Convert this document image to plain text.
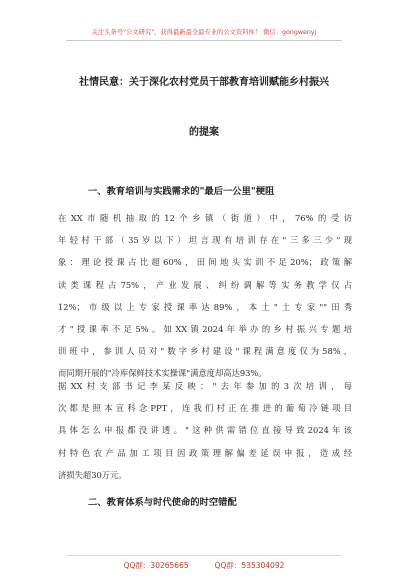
关注头条号"公文研究"，获得最新最全最专业的公文资料库！ 微信：gongwenyj
社情民意：关于深化农村党员干部教育培训赋能乡村振兴
的提案
一、教育培训与实践需求的"最后一公里"梗阻
在XX市随机抽取的12个乡镇（街道）中，76%的受访
年轻村干部（35岁以下）坦言现有培训存在"三多三少"现
象：理论授课占比超60%，田间地头实训不足20%；政策解
读类课程占75%，产业发展、纠纷调解等实务教学仅占
12%；市级以上专家授课率达89%，本土"土专家""田秀
才"授课率不足5%。如XX镇2024年举办的乡村振兴专题培
训班中，参训人员对"数字乡村建设"课程满意度仅为58%，
而同期开展的"冷库保鲜技术实操课"满意度却高达93%。
据XX村支部书记李某反映："去年参加的3次培训，每
次都是照本宣科念PPT，连我们村正在推进的葡萄冷链项目
具体怎么申报都没讲透。"这种供需错位直接导致2024年该
村特色农产品加工项目因政策理解偏差延误申报，造成经
济损失超30万元。
二、教育体系与时代使命的时空错配
QQ群：30265665	QQ群：535304092
